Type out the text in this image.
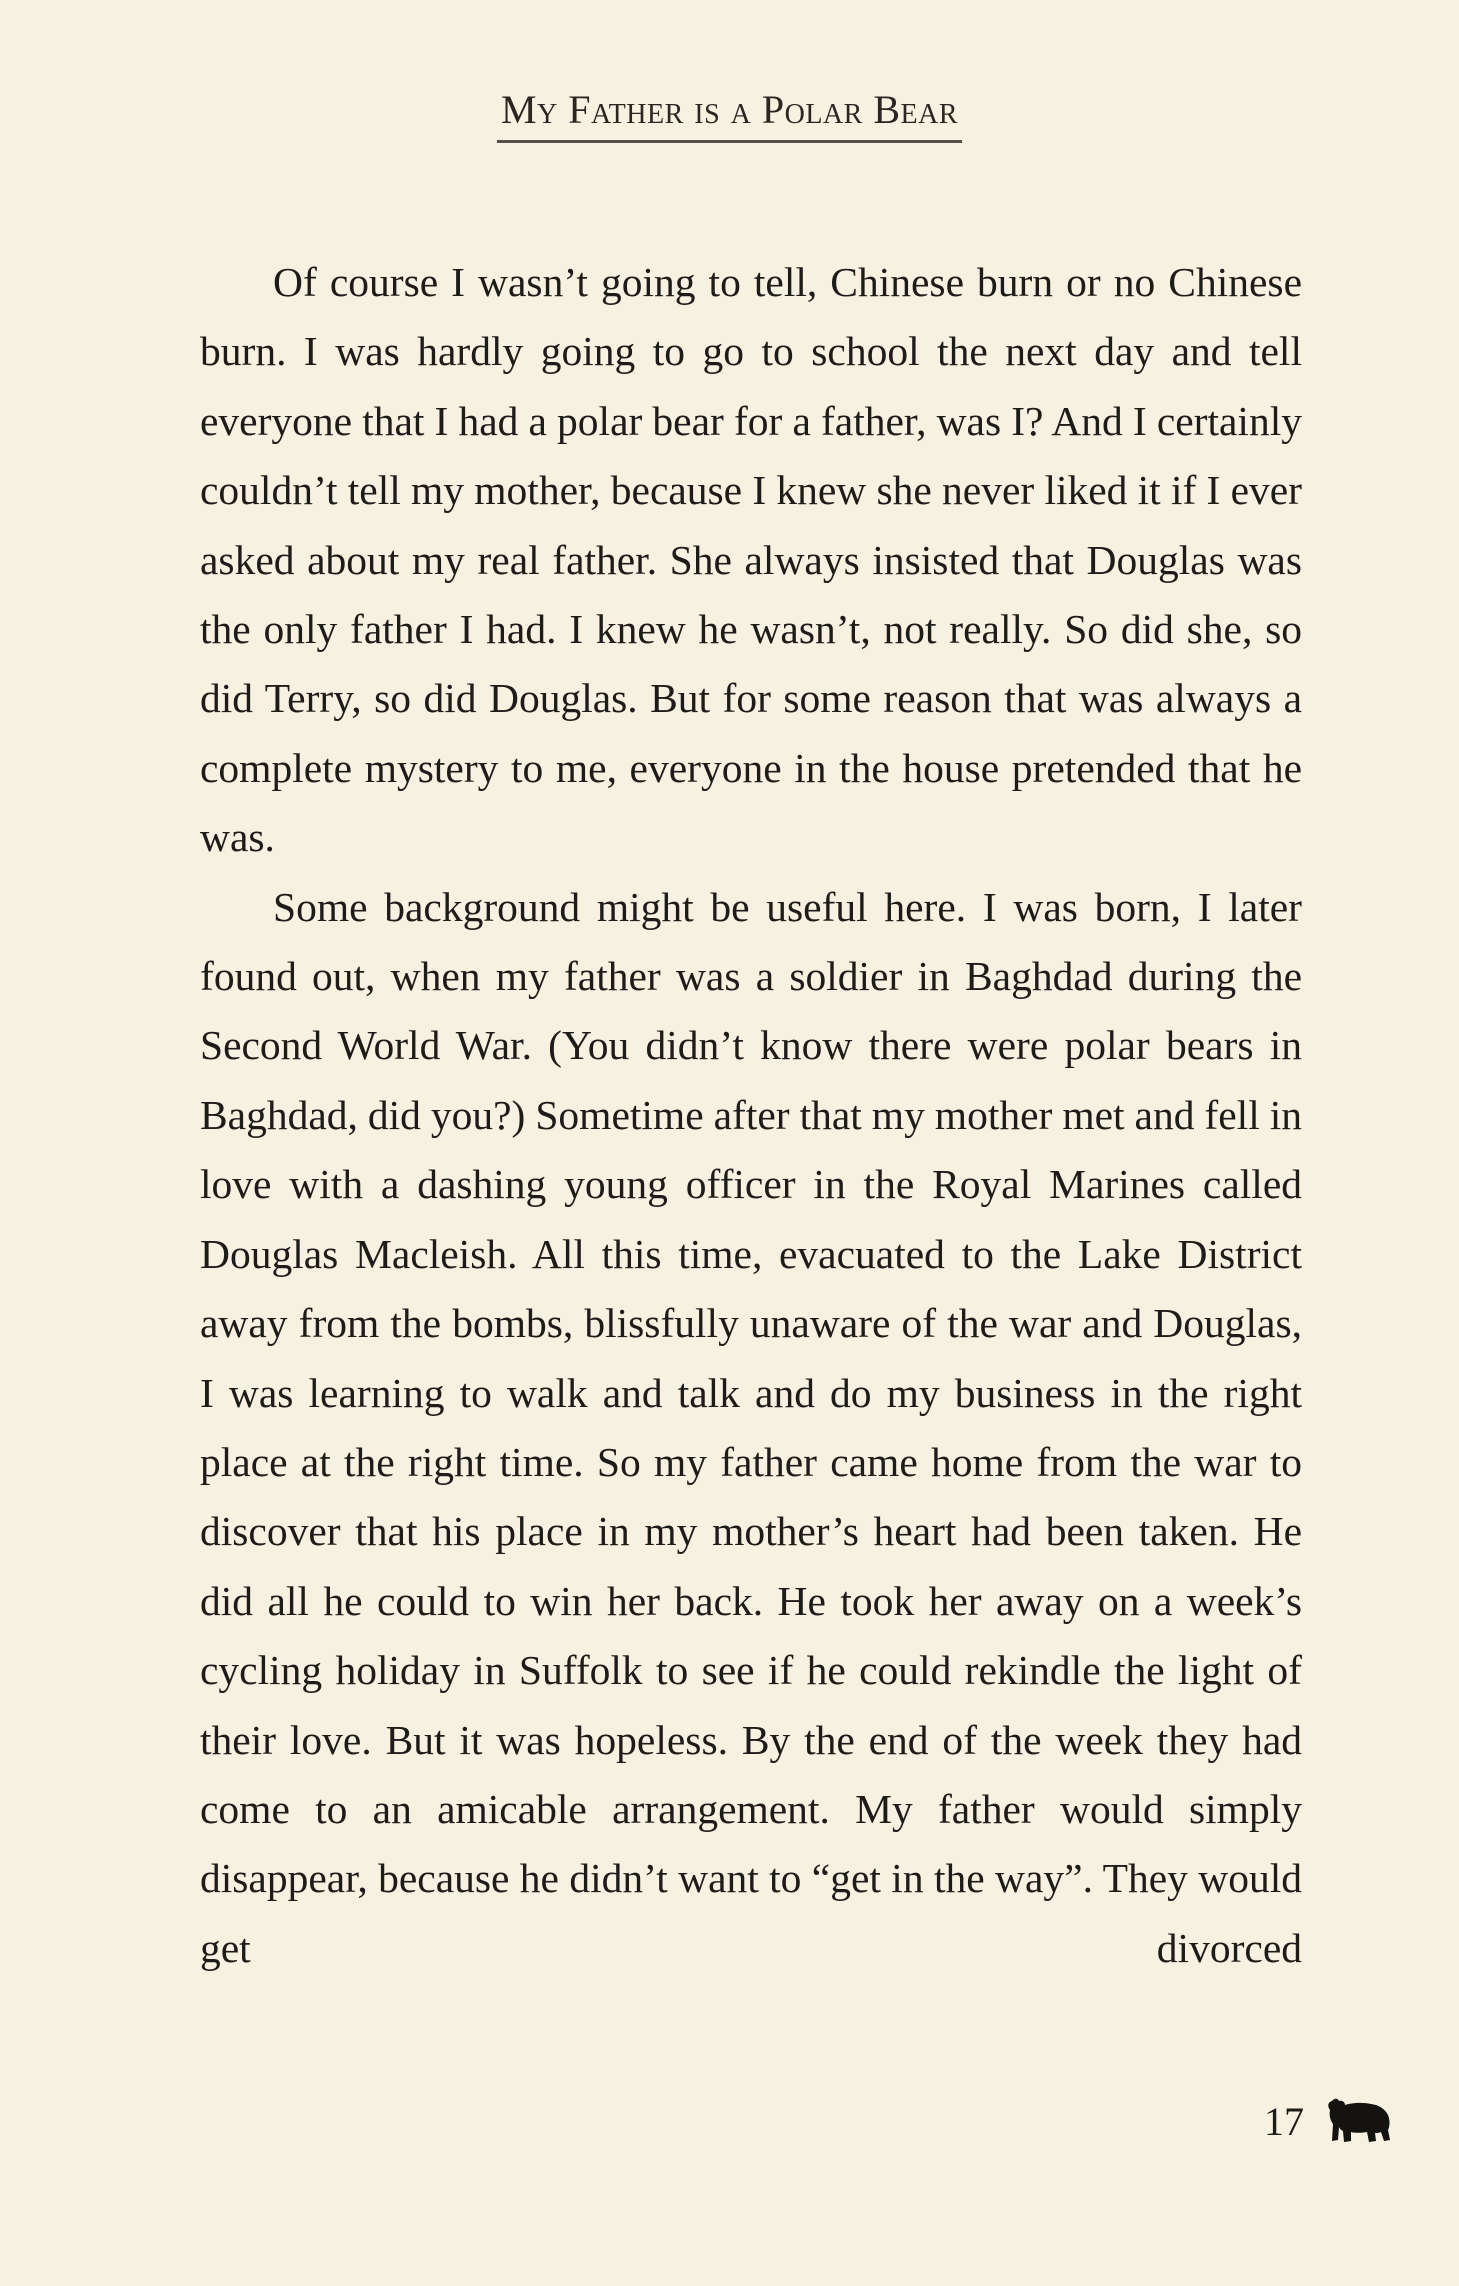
My Father is a Polar Bear

Of course I wasn’t going to tell, Chinese burn or no Chinese burn. I was hardly going to go to school the next day and tell everyone that I had a polar bear for a father, was I? And I certainly couldn’t tell my mother, because I knew she never liked it if I ever asked about my real father. She always insisted that Douglas was the only father I had. I knew he wasn’t, not really. So did she, so did Terry, so did Douglas. But for some reason that was always a complete mystery to me, everyone in the house pretended that he was.

Some background might be useful here. I was born, I later found out, when my father was a soldier in Baghdad during the Second World War. (You didn’t know there were polar bears in Baghdad, did you?) Sometime after that my mother met and fell in love with a dashing young officer in the Royal Marines called Douglas Macleish. All this time, evacuated to the Lake District away from the bombs, blissfully unaware of the war and Douglas, I was learning to walk and talk and do my business in the right place at the right time. So my father came home from the war to discover that his place in my mother’s heart had been taken. He did all he could to win her back. He took her away on a week’s cycling holiday in Suffolk to see if he could rekindle the light of their love. But it was hopeless. By the end of the week they had come to an amicable arrangement. My father would simply disappear, because he didn’t want to “get in the way”. They would get divorced

17
